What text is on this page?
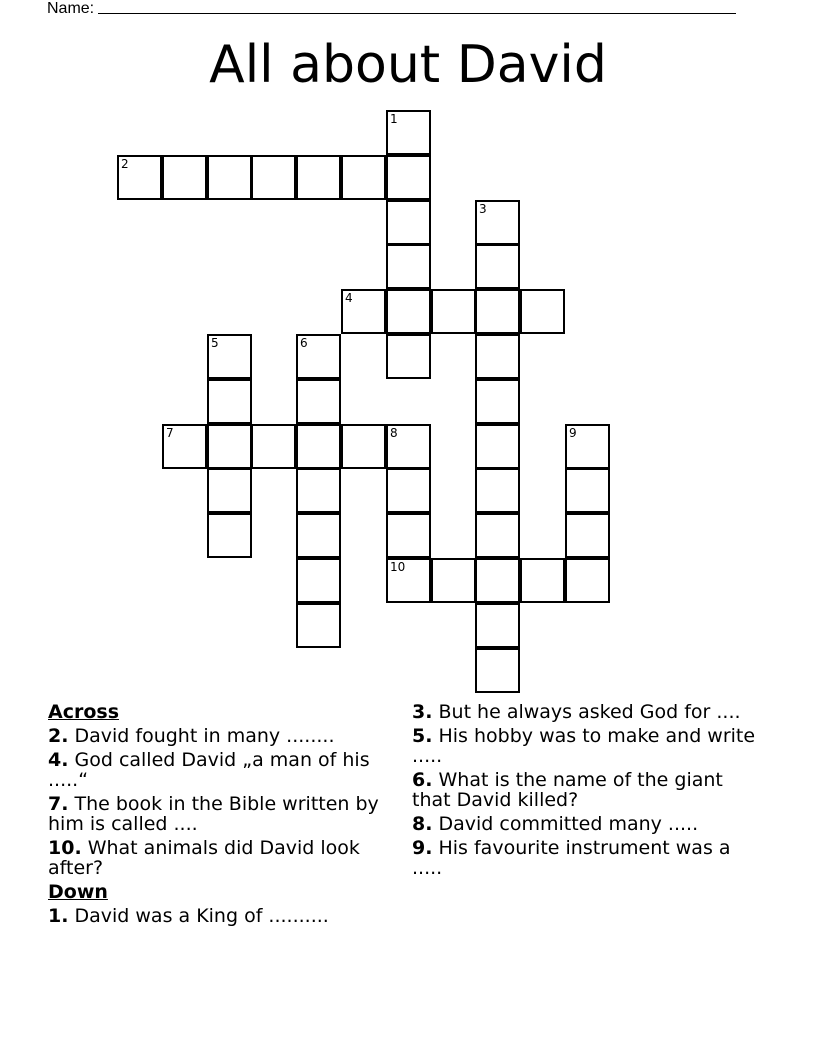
Name:
All about David
1
2
3
4
5	6
7	8
10
9
Across
2. David fought in many ........
4. God called David „a man of his .....“
7. The book in the Bible written by him is called ....
10. What animals did David look after?
Down
1. David was a King of ..........
3. But he always asked God for ....
5. His hobby was to make and write .....
6. What is the name of the giant that David killed?
8. David committed many .....
9. His favourite instrument was a .....
